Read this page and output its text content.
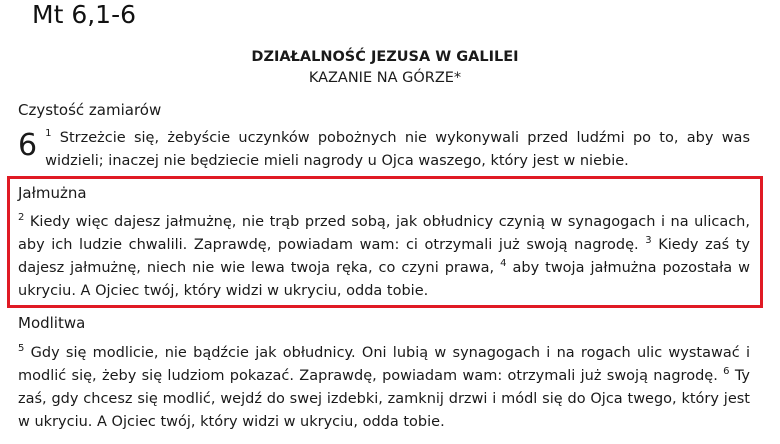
Mt 6,1-6
DZIAŁALNOŚĆ JEZUSA W GALILEI
KAZANIE NA GÓRZE*
Czystość zamiarów
6 $^1$ Strzeżcie się, żebyście uczynków pobożnych nie wykonywali przed ludźmi po to, aby was widzieli; inaczej nie będziecie mieli nagrody u Ojca waszego, który jest w niebie.
Jałmużna
$^2$ Kiedy więc dajesz jałmużnę, nie trąb przed sobą, jak obłudnicy czynią w synagogach i na ulicach, aby ich ludzie chwalili. Zaprawdę, powiadam wam: ci otrzymali już swoją nagrodę. $^3$ Kiedy zaś ty dajesz jałmużnę, niech nie wie lewa twoja ręka, co czyni prawa, $^4$ aby twoja jałmużna pozostała w ukryciu. A Ojciec twój, który widzi w ukryciu, odda tobie.
Modlitwa
$^5$ Gdy się modlicie, nie bądźcie jak obłudnicy. Oni lubią w synagogach i na rogach ulic wystawać i modlić się, żeby się ludziom pokazać. Zaprawdę, powiadam wam: otrzymali już swoją nagrodę. $^6$ Ty zaś, gdy chcesz się modlić, wejdź do swej izdebki, zamknij drzwi i módl się do Ojca twego, który jest w ukryciu. A Ojciec twój, który widzi w ukryciu, odda tobie.
